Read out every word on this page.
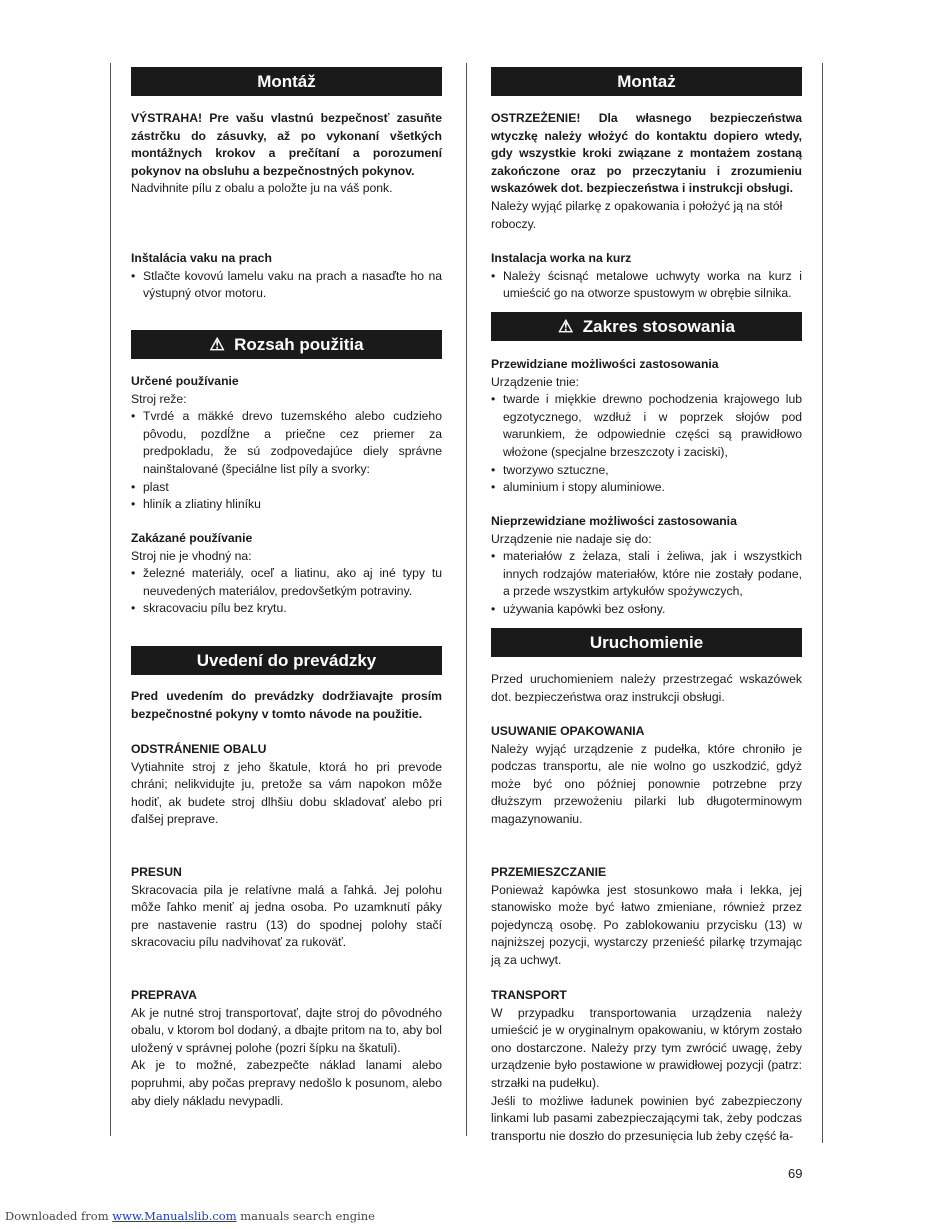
Montáž

VÝSTRAHA! Pre vašu vlastnú bezpečnosť zasuňte zástrčku do zásuvky, až po vykonaní všetkých montážnych krokov a prečítaní a porozumení pokynov na obsluhu a bezpečnostných pokynov.

Nadvihnite pílu z obalu a položte ju na váš ponk.

Inštalácia vaku na prach

• Stlačte kovovú lamelu vaku na prach a nasaďte ho na výstupný otvor motoru.
⚠ Rozsah použitia

Určené používanie

Stroj reže:

• Tvrdé a mäkké drevo tuzemského alebo cudzieho pôvodu, pozdĺžne a priečne cez priemer za predpokladu, že sú zodpovedajúce diely správne nainštalované (špeciálne list píly a svorky:
• plast
• hliník a zliatiny hliníku

Zakázané používanie

Stroj nie je vhodný na:

• železné materiály, oceľ a liatinu, ako aj iné typy tu neuvedených materiálov, predovšetkým potraviny.
• skracovaciu pílu bez krytu.
Uvedení do prevádzky

Pred uvedením do prevádzky dodržiavajte prosím bezpečnostné pokyny v tomto návode na použitie.

ODSTRÁNENIE OBALU

Vytiahnite stroj z jeho škatule, ktorá ho pri prevode chráni; nelikvidujte ju, pretože sa vám napokon môže hodiť, ak budete stroj dlhšiu dobu skladovať alebo pri ďalšej preprave.

PRESUN

Skracovacia pila je relatívne malá a ľahká. Jej polohu môže ľahko meniť aj jedna osoba. Po uzamknutí páky pre nastavenie rastru (13) do spodnej polohy stačí skracovaciu pílu nadvihovať za rukoväť.

PREPRAVA

Ak je nutné stroj transportovať, dajte stroj do pôvodného obalu, v ktorom bol dodaný, a dbajte pritom na to, aby bol uložený v správnej polohe (pozri šípku na škatuli).

Ak je to možné, zabezpečte náklad lanami alebo popruhmi, aby počas prepravy nedošlo k posunom, alebo aby diely nákladu nevypadli.

Montaż

OSTRZEŻENIE! Dla własnego bezpieczeństwa wtyczkę należy włożyć do kontaktu dopiero wtedy, gdy wszystkie kroki związane z montażem zostaną zakończone oraz po przeczytaniu i zrozumieniu wskazówek dot. bezpieczeństwa i instrukcji obsługi.

Należy wyjąć pilarkę z opakowania i położyć ją na stół roboczy.

Instalacja worka na kurz

• Należy ścisnąć metalowe uchwyty worka na kurz i umieścić go na otworze spustowym w obrębie silnika.
⚠ Zakres stosowania

Przewidziane możliwości zastosowania

Urządzenie tnie:

• twarde i miękkie drewno pochodzenia krajowego lub egzotycznego, wzdłuż i w poprzek słojów pod warunkiem, że odpowiednie części są prawidłowo włożone (specjalne brzeszczoty i zaciski),
• tworzywo sztuczne,
• aluminium i stopy aluminiowe.

Nieprzewidziane możliwości zastosowania

Urządzenie nie nadaje się do:

• materiałów z żelaza, stali i żeliwa, jak i wszystkich innych rodzajów materiałów, które nie zostały podane, a przede wszystkim artykułów spożywczych,
• używania kapówki bez osłony.
Uruchomienie

Przed uruchomieniem należy przestrzegać wskazówek dot. bezpieczeństwa oraz instrukcji obsługi.

USUWANIE OPAKOWANIA

Należy wyjąć urządzenie z pudełka, które chroniło je podczas transportu, ale nie wolno go uszkodzić, gdyż może być ono później ponownie potrzebne przy dłuższym przewożeniu pilarki lub długoterminowym magazynowaniu.

PRZEMIESZCZANIE

Ponieważ kapówka jest stosunkowo mała i lekka, jej stanowisko może być łatwo zmieniane, również przez pojedynczą osobę. Po zablokowaniu przycisku (13) w najniższej pozycji, wystarczy przenieść pilarkę trzymając ją za uchwyt.

TRANSPORT

W przypadku transportowania urządzenia należy umieścić je w oryginalnym opakowaniu, w którym zostało ono dostarczone. Należy przy tym zwrócić uwagę, żeby urządzenie było postawione w prawidłowej pozycji (patrz: strzałki na pudełku).

Jeśli to możliwe ładunek powinien być zabezpieczony linkami lub pasami zabezpieczającymi tak, żeby podczas transportu nie doszło do przesunięcia lub żeby część ła-

69
Downloaded from www.Manualslib.com manuals search engine
